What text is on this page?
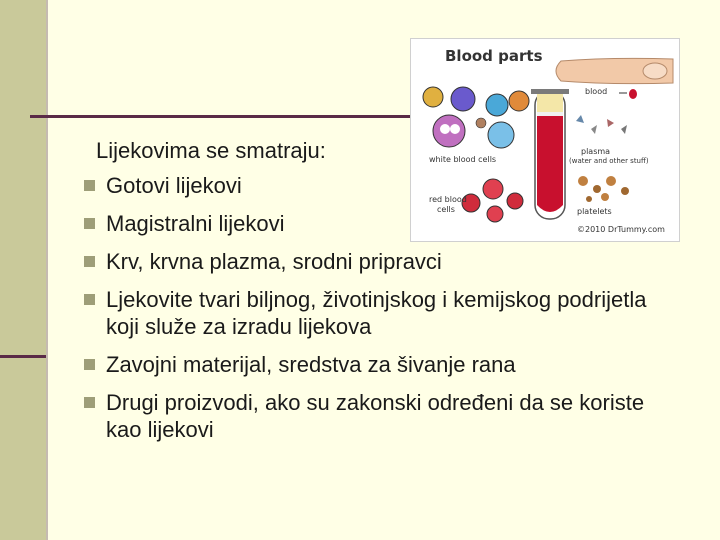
Blood parts
blood
white blood cells
plasma
(water and other stuff)
red blood
cells	platelets
©2010 DrTummy.com
Lijekovima se smatraju:
Gotovi lijekovi
Magistralni lijekovi
Krv, krvna plazma, srodni pripravci
Ljekovite tvari biljnog, životinjskog i kemijskog podrijetla koji služe za izradu lijekova
Zavojni materijal, sredstva za šivanje rana
Drugi proizvodi, ako su zakonski određeni da se koriste kao lijekovi
